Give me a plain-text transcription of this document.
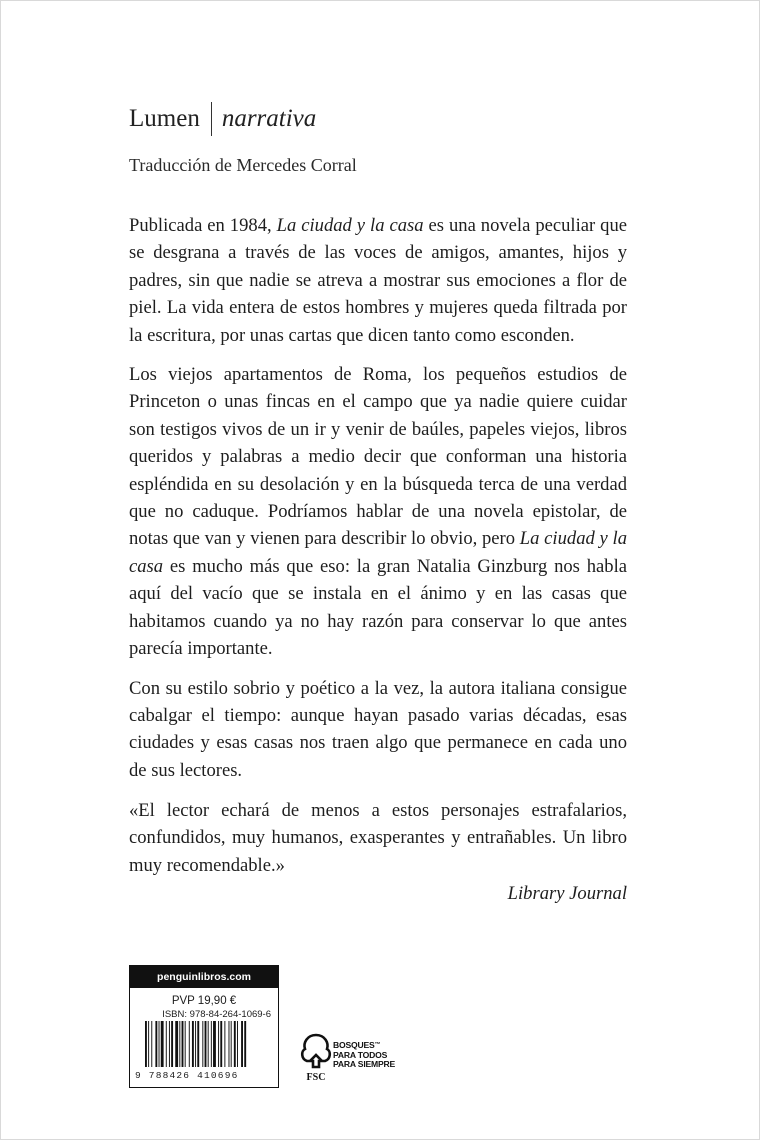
Lumen narrativa
Traducción de Mercedes Corral

Publicada en 1984, La ciudad y la casa es una novela peculiar que se desgrana a través de las voces de amigos, amantes, hijos y padres, sin que nadie se atreva a mostrar sus emociones a flor de piel. La vida entera de estos hombres y mujeres queda filtrada por la escritura, por unas cartas que dicen tanto como esconden.

Los viejos apartamentos de Roma, los pequeños estudios de Princeton o unas fincas en el campo que ya nadie quiere cuidar son testigos vivos de un ir y venir de baúles, papeles viejos, libros queridos y palabras a medio decir que conforman una historia espléndida en su desolación y en la búsqueda terca de una verdad que no caduque. Podríamos hablar de una novela epistolar, de notas que van y vienen para describir lo obvio, pero La ciudad y la casa es mucho más que eso: la gran Natalia Ginzburg nos habla aquí del vacío que se instala en el ánimo y en las casas que habitamos cuando ya no hay razón para conservar lo que antes parecía importante.

Con su estilo sobrio y poético a la vez, la autora italiana consigue cabalgar el tiempo: aunque hayan pasado varias décadas, esas ciudades y esas casas nos traen algo que permanece en cada uno de sus lectores.

«El lector echará de menos a estos personajes estrafalarios, confundidos, muy humanos, exasperantes y entrañables. Un libro muy recomendable.»
Library Journal
penguinlibros.com
PVP 19,90 €
ISBN: 978-84-264-1069-6
9 788426 410696	FSC
BOSQUES™
PARA TODOS
PARA SIEMPRE
